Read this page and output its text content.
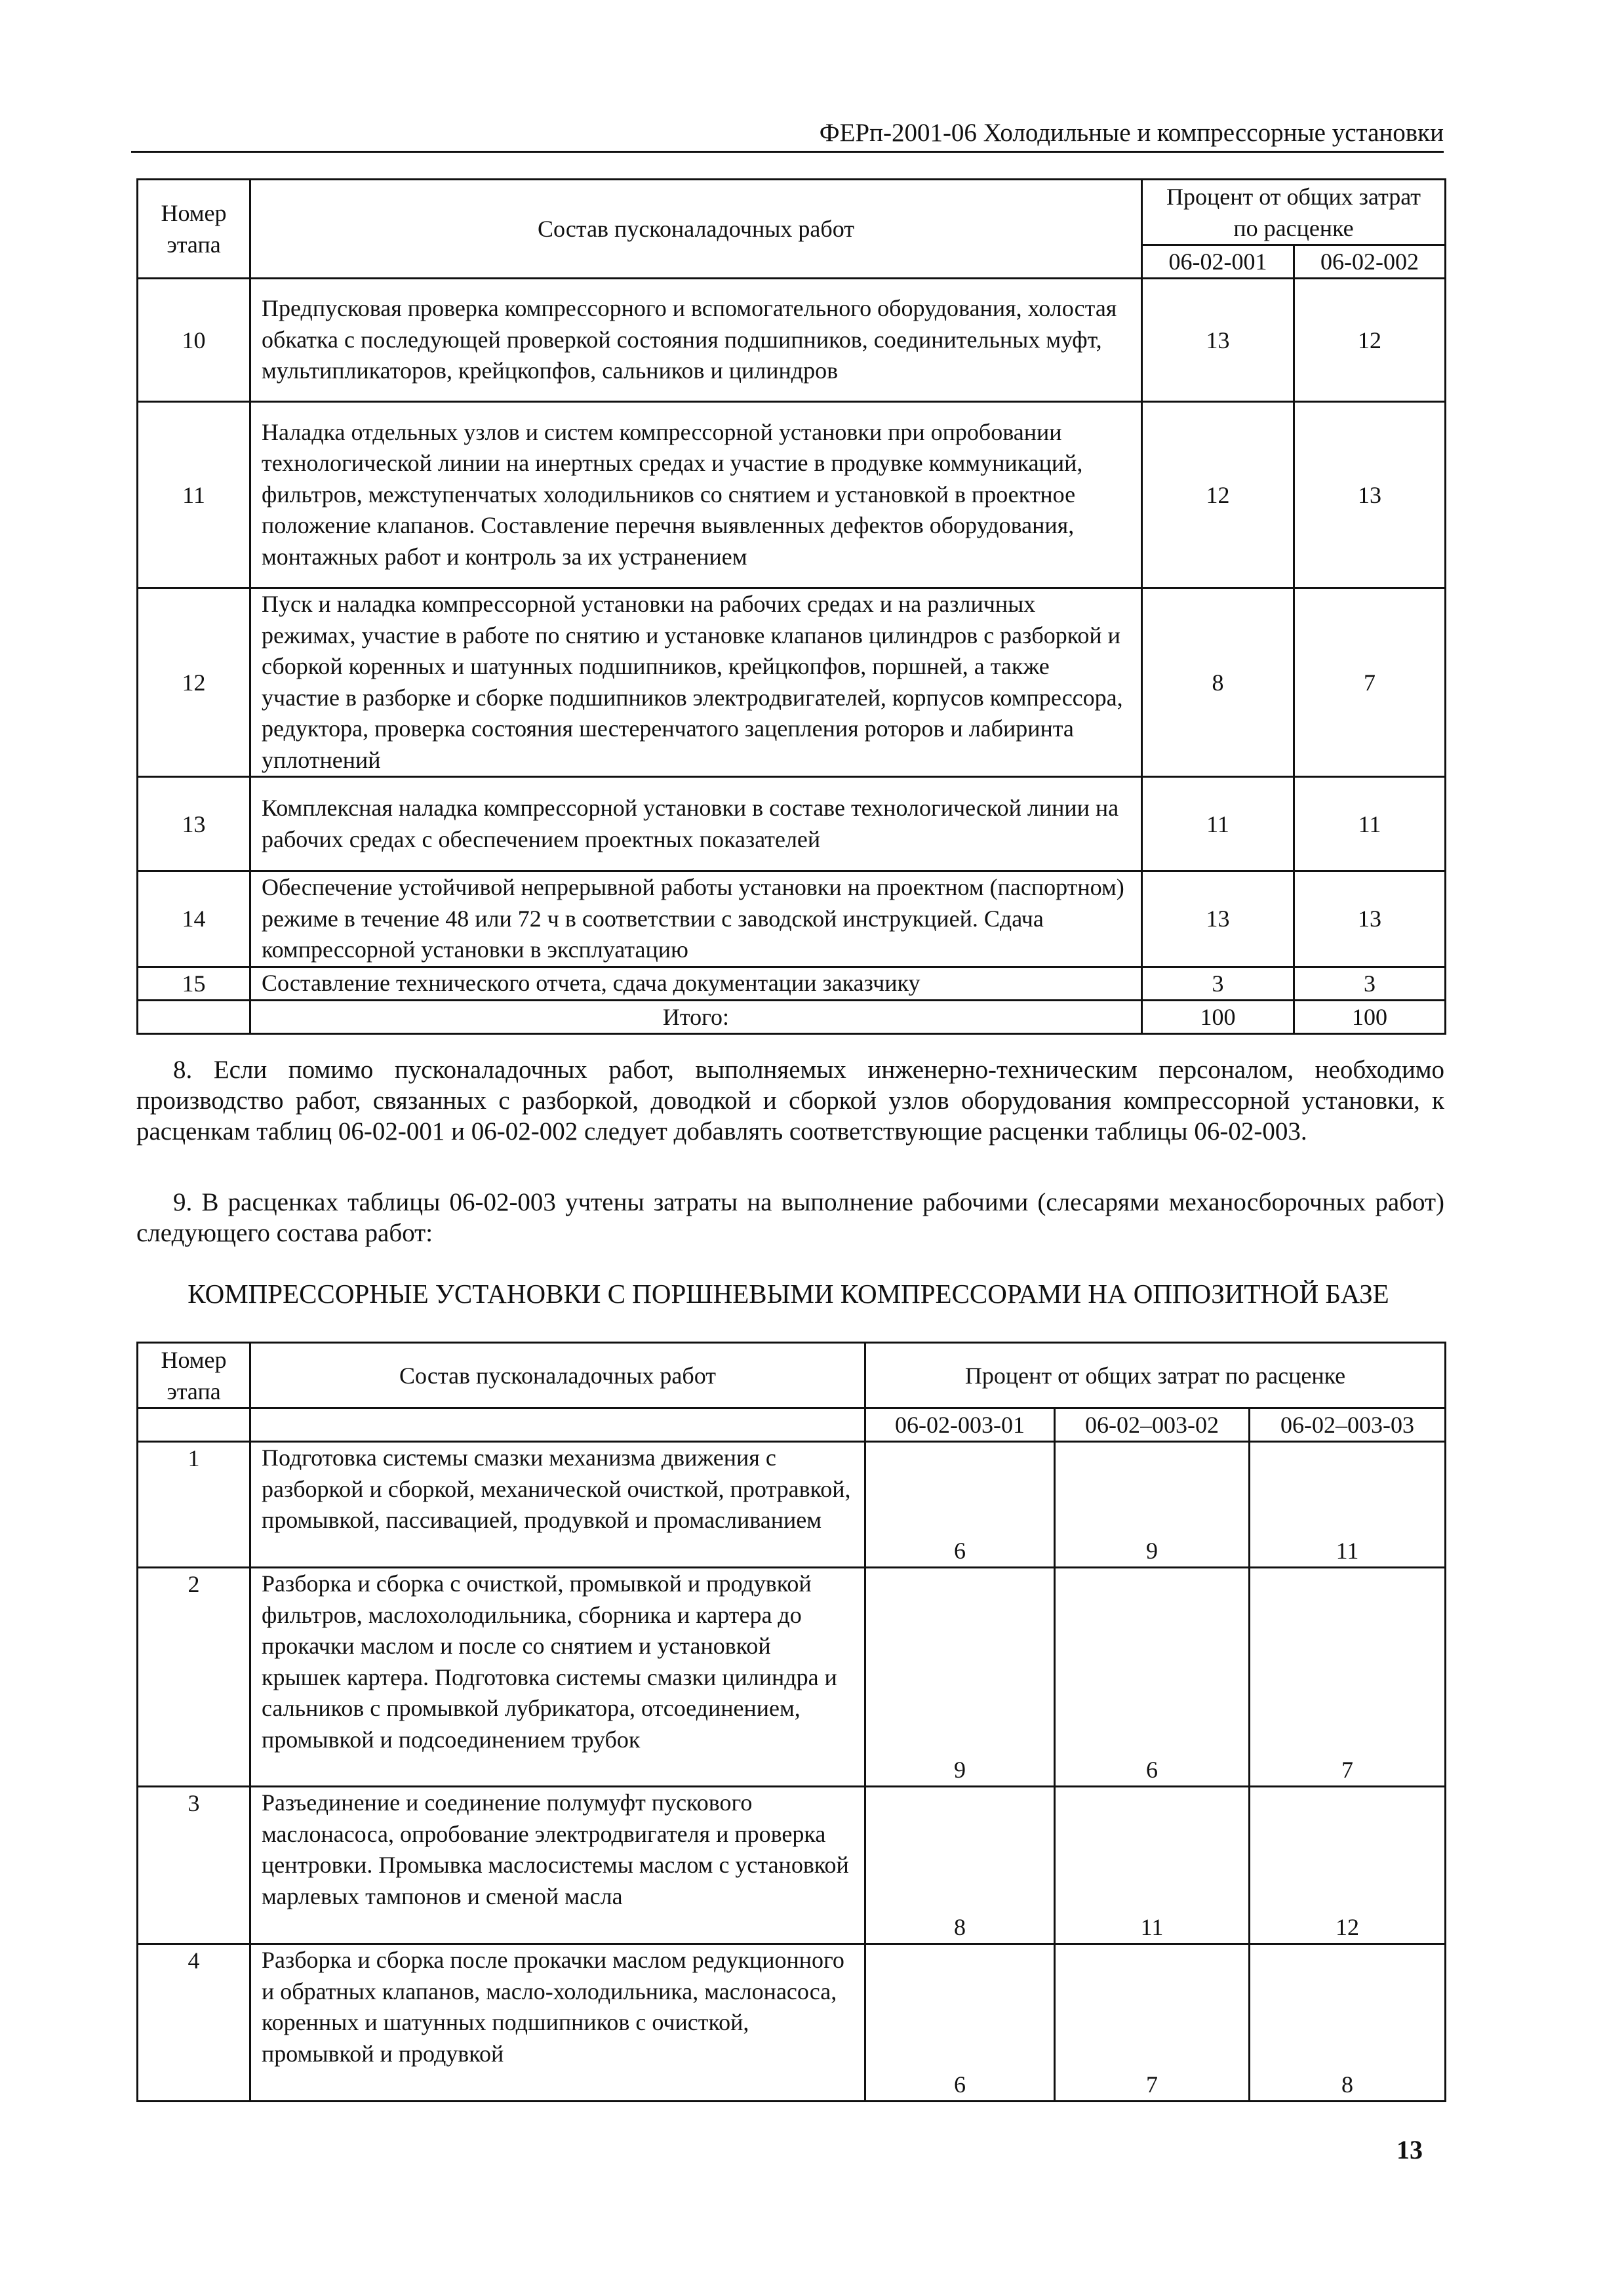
ФЕРп-2001-06 Холодильные и компрессорные установки
Номер этапа	Состав пусконаладочных работ	Процент от общих затрат по расценке	
		06-02-001	06-02-002
10	Предпусковая проверка компрессорного и вспомогательного оборудования, холостая обкатка с последующей проверкой состояния подшипников, соединительных муфт, мультипликаторов, крейцкопфов, сальников и цилиндров	13	12
11	Наладка отдельных узлов и систем компрессорной установки при опробовании технологической линии на инертных средах и участие в продувке коммуникаций, фильтров, межступенчатых холодильников со снятием и установкой в проектное положение клапанов. Составление перечня выявленных дефектов оборудования, монтажных работ и контроль за их устранением	12	13
12	Пуск и наладка компрессорной установки на рабочих средах и на различных режимах, участие в работе по снятию и установке клапанов цилиндров с разборкой и сборкой коренных и шатунных подшипников, крейцкопфов, поршней, а также участие в разборке и сборке подшипников электродвигателей, корпусов компрессора, редуктора, проверка состояния шестеренчатого зацепления роторов и лабиринта уплотнений	8	7
13	Комплексная наладка компрессорной установки в составе технологической линии на рабочих средах с обеспечением проектных показателей	11	11
14	Обеспечение устойчивой непрерывной работы установки на проектном (паспортном) режиме в течение 48 или 72 ч в соответствии с заводской инструкцией. Сдача компрессорной установки в эксплуатацию	13	13
15	Составление технического отчета, сдача документации заказчику	3	3
	Итого:	100	100

8. Если помимо пусконаладочных работ, выполняемых инженерно-техническим персоналом, необходимо производство работ, связанных с разборкой, доводкой и сборкой узлов оборудования компрессорной установки, к расценкам таблиц 06-02-001 и 06-02-002 следует добавлять соответствующие расценки таблицы 06-02-003.

9. В расценках таблицы 06-02-003 учтены затраты на выполнение рабочими (слесарями механосборочных работ) следующего состава работ:

КОМПРЕССОРНЫЕ УСТАНОВКИ С ПОРШНЕВЫМИ КОМПРЕССОРАМИ НА ОППОЗИТНОЙ БАЗЕ
Номер этапа	Состав пусконаладочных работ	Процент от общих затрат по расценке		
		06-02-003-01	06-02–003-02	06-02–003-03
1	Подготовка системы смазки механизма движения с разборкой и сборкой, механической очисткой, протравкой, промывкой, пассивацией, продувкой и промасливанием	6	9	11
2	Разборка и сборка с очисткой, промывкой и продувкой фильтров, маслохолодильника, сборника и картера до прокачки маслом и после со снятием и установкой крышек картера. Подготовка системы смазки цилиндра и сальников с промывкой лубрикатора, отсоединением, промывкой и подсоединением трубок	9	6	7
3	Разъединение и соединение полумуфт пускового маслонасоса, опробование электродвигателя и проверка центровки. Промывка маслосистемы маслом с установкой марлевых тампонов и сменой масла	8	11	12
4	Разборка и сборка после прокачки маслом редукционного и обратных клапанов, масло-холодильника, маслонасоса, коренных и шатунных подшипников с очисткой, промывкой и продувкой	6	7	8
13
